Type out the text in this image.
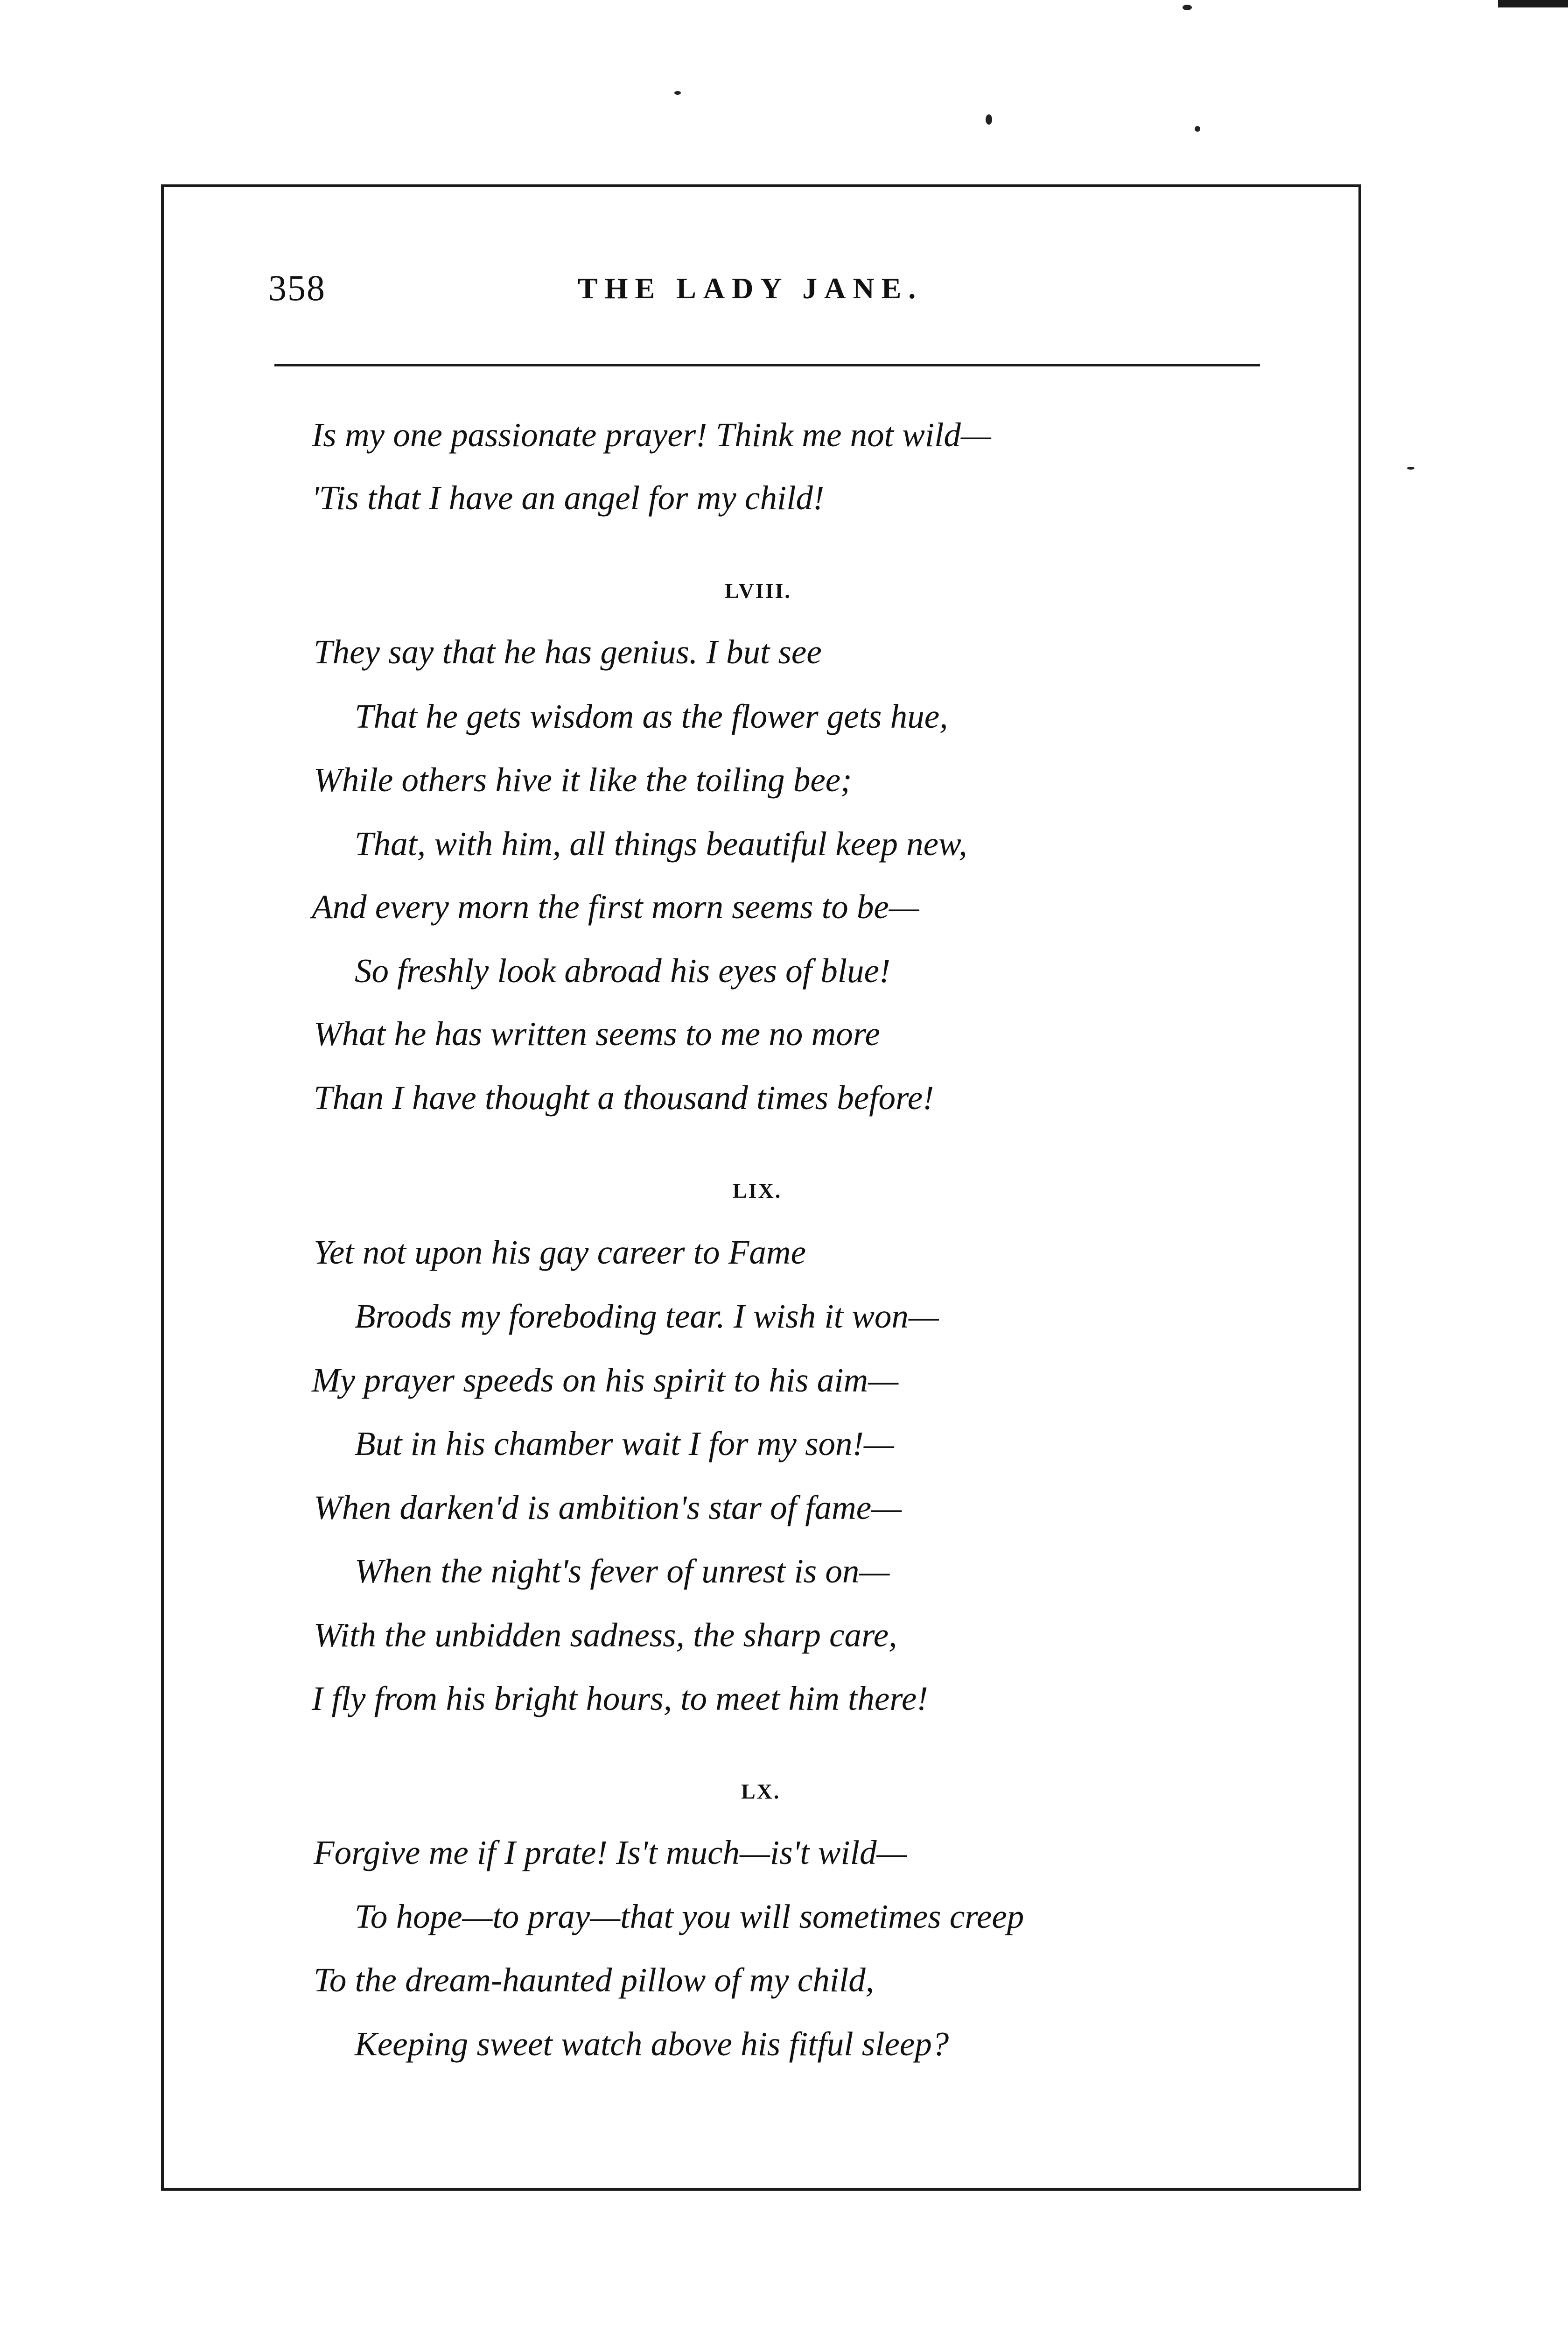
358	THE LADY JANE.
Is my one passionate prayer! Think me not wild—
'Tis that I have an angel for my child!
LVIII.
They say that he has genius. I but see
That he gets wisdom as the flower gets hue,
While others hive it like the toiling bee;
That, with him, all things beautiful keep new,
And every morn the first morn seems to be—
So freshly look abroad his eyes of blue!
What he has written seems to me no more
Than I have thought a thousand times before!
LIX.
Yet not upon his gay career to Fame
Broods my foreboding tear. I wish it won—
My prayer speeds on his spirit to his aim—
But in his chamber wait I for my son!—
When darken'd is ambition's star of fame—
When the night's fever of unrest is on—
With the unbidden sadness, the sharp care,
I fly from his bright hours, to meet him there!
LX.
Forgive me if I prate! Is't much—is't wild—
To hope—to pray—that you will sometimes creep
To the dream-haunted pillow of my child,
Keeping sweet watch above his fitful sleep?
